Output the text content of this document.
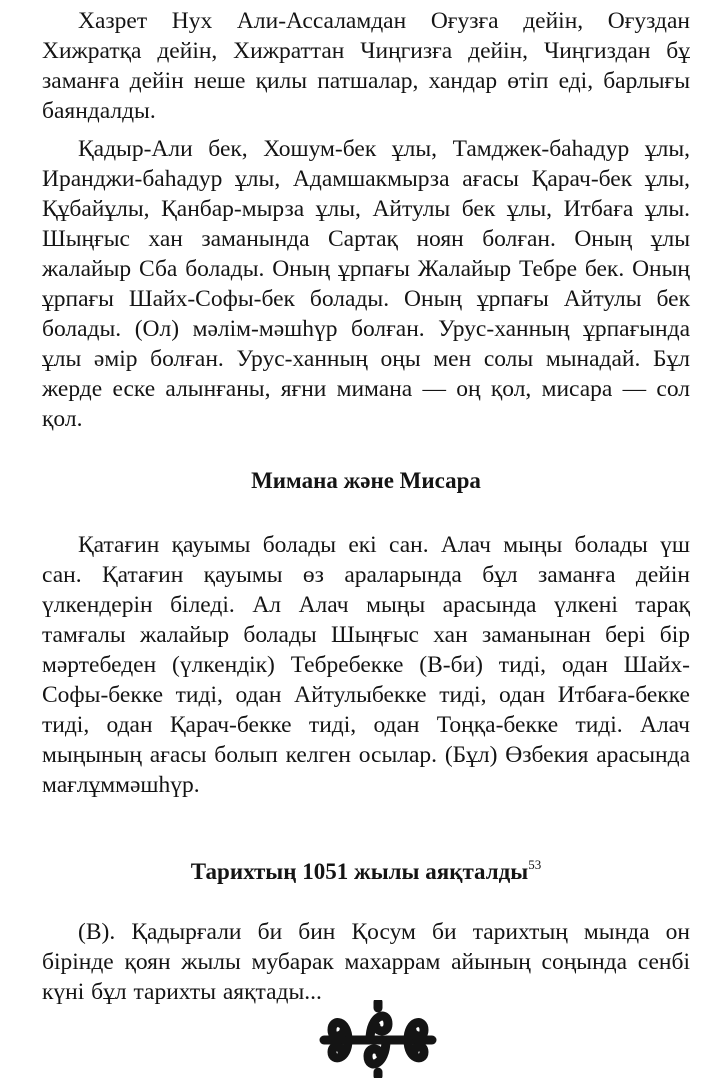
Хазрет Нух Али-Ассаламдан Оғузға дейін, Оғуздан Хижратқа дейін, Хижраттан Чиңгизға дейін, Чиңгиздан бұ заманға дейін неше қилы патшалар, хандар өтіп еді, барлығы баяндалды.

Қадыр-Али бек, Хошум-бек ұлы, Тамджек-баһадур ұлы, Иранджи-баһадур ұлы, Адамшакмырза ағасы Қарач-бек ұлы, Құбайұлы, Қанбар-мырза ұлы, Айтулы бек ұлы, Итбаға ұлы. Шыңғыс хан заманында Сартақ ноян болған. Оның ұлы жалайыр Сба болады. Оның ұрпағы Жалайыр Тебре бек. Оның ұрпағы Шайх-Софы-бек болады. Оның ұрпағы Айтулы бек болады. (Ол) мәлім-мәшһүр болған. Урус-ханның ұрпағында ұлы әмір болған. Урус-ханның оңы мен солы мынадай. Бұл жерде еске алынғаны, яғни мимана — оң қол, мисара — сол қол.

Мимана және Мисара

Қатағин қауымы болады екі сан. Алач мыңы болады үш сан. Қатағин қауымы өз араларында бұл заманға дейін үлкендерін біледі. Ал Алач мыңы арасында үлкені тарақ тамғалы жалайыр болады Шыңғыс хан заманынан бері бір мәртебеден (үлкендік) Тебребекке (В-би) тиді, одан Шайх-Софы-бекке тиді, одан Айтулыбекке тиді, одан Итбаға-бекке тиді, одан Қарач-бекке тиді, одан Тоңқа-бекке тиді. Алач мыңының ағасы болып келген осылар. (Бұл) Өзбекия арасында мағлұммәшһүр.

Тарихтың 1051 жылы аяқталды$^{53}$

(В). Қадырғали би бин Қосум би тарихтың мында он бірінде қоян жылы мубарак махаррам айының соңында сенбі күні бұл тарихты аяқтады...
